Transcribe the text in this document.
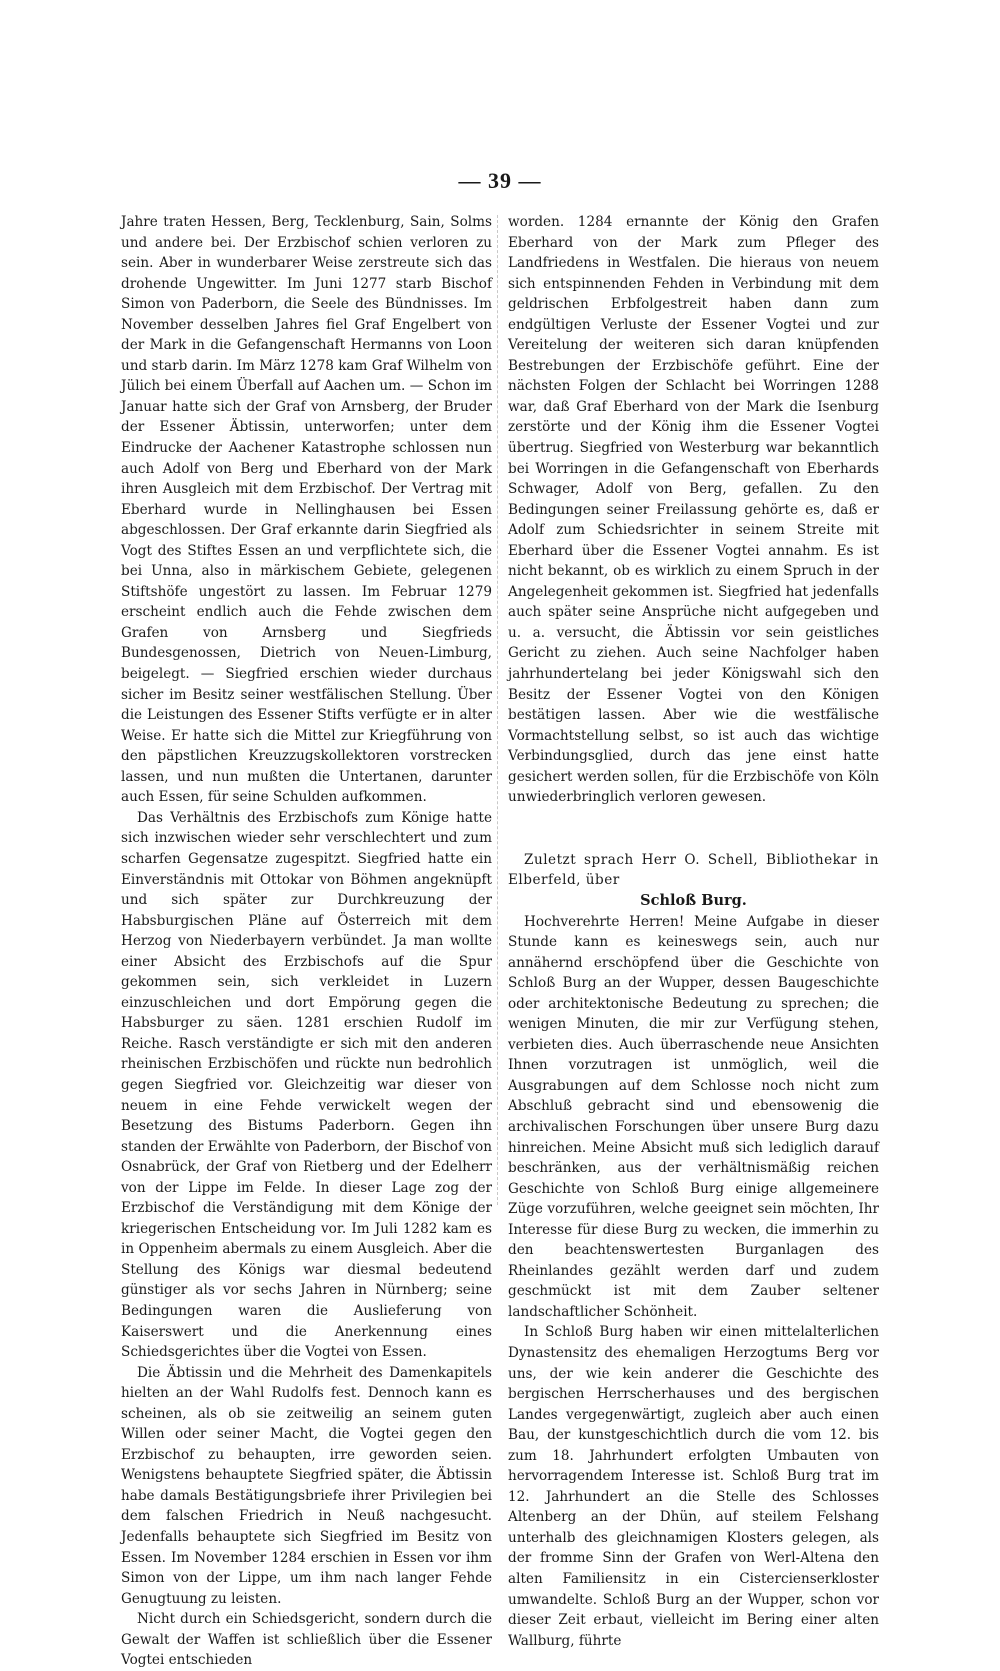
— 39 —

Jahre traten Hessen, Berg, Tecklenburg, Sain, Solms und andere bei. Der Erzbischof schien verloren zu sein. Aber in wunderbarer Weise zerstreute sich das drohende Ungewitter. Im Juni 1277 starb Bischof Simon von Paderborn, die Seele des Bündnisses. Im November desselben Jahres fiel Graf Engelbert von der Mark in die Gefangenschaft Hermanns von Loon und starb darin. Im März 1278 kam Graf Wilhelm von Jülich bei einem Überfall auf Aachen um. — Schon im Januar hatte sich der Graf von Arnsberg, der Bruder der Essener Äbtissin, unterworfen; unter dem Eindrucke der Aachener Katastrophe schlossen nun auch Adolf von Berg und Eberhard von der Mark ihren Ausgleich mit dem Erzbischof. Der Vertrag mit Eberhard wurde in Nellinghausen bei Essen abgeschlossen. Der Graf erkannte darin Siegfried als Vogt des Stiftes Essen an und verpflichtete sich, die bei Unna, also in märkischem Gebiete, gelegenen Stiftshöfe ungestört zu lassen. Im Februar 1279 erscheint endlich auch die Fehde zwischen dem Grafen von Arnsberg und Siegfrieds Bundesgenossen, Dietrich von Neuen-Limburg, beigelegt. — Siegfried erschien wieder durchaus sicher im Besitz seiner westfälischen Stellung. Über die Leistungen des Essener Stifts verfügte er in alter Weise. Er hatte sich die Mittel zur Kriegführung von den päpstlichen Kreuzzugskollektoren vorstrecken lassen, und nun mußten die Untertanen, darunter auch Essen, für seine Schulden aufkommen.

Das Verhältnis des Erzbischofs zum Könige hatte sich inzwischen wieder sehr verschlechtert und zum scharfen Gegensatze zugespitzt. Siegfried hatte ein Einverständnis mit Ottokar von Böhmen angeknüpft und sich später zur Durchkreuzung der Habsburgischen Pläne auf Österreich mit dem Herzog von Niederbayern verbündet. Ja man wollte einer Absicht des Erzbischofs auf die Spur gekommen sein, sich verkleidet in Luzern einzuschleichen und dort Empörung gegen die Habsburger zu säen. 1281 erschien Rudolf im Reiche. Rasch verständigte er sich mit den anderen rheinischen Erzbischöfen und rückte nun bedrohlich gegen Siegfried vor. Gleichzeitig war dieser von neuem in eine Fehde verwickelt wegen der Besetzung des Bistums Paderborn. Gegen ihn standen der Erwählte von Paderborn, der Bischof von Osnabrück, der Graf von Rietberg und der Edelherr von der Lippe im Felde. In dieser Lage zog der Erzbischof die Verständigung mit dem Könige der kriegerischen Entscheidung vor. Im Juli 1282 kam es in Oppenheim abermals zu einem Ausgleich. Aber die Stellung des Königs war diesmal bedeutend günstiger als vor sechs Jahren in Nürnberg; seine Bedingungen waren die Auslieferung von Kaiserswert und die Anerkennung eines Schiedsgerichtes über die Vogtei von Essen.

Die Äbtissin und die Mehrheit des Damenkapitels hielten an der Wahl Rudolfs fest. Dennoch kann es scheinen, als ob sie zeitweilig an seinem guten Willen oder seiner Macht, die Vogtei gegen den Erzbischof zu behaupten, irre geworden seien. Wenigstens behauptete Siegfried später, die Äbtissin habe damals Bestätigungsbriefe ihrer Privilegien bei dem falschen Friedrich in Neuß nachgesucht. Jedenfalls behauptete sich Siegfried im Besitz von Essen. Im November 1284 erschien in Essen vor ihm Simon von der Lippe, um ihm nach langer Fehde Genugtuung zu leisten.

Nicht durch ein Schiedsgericht, sondern durch die Gewalt der Waffen ist schließlich über die Essener Vogtei entschieden

worden. 1284 ernannte der König den Grafen Eberhard von der Mark zum Pfleger des Landfriedens in Westfalen. Die hieraus von neuem sich entspinnenden Fehden in Verbindung mit dem geldrischen Erbfolgestreit haben dann zum endgültigen Verluste der Essener Vogtei und zur Vereitelung der weiteren sich daran knüpfenden Bestrebungen der Erzbischöfe geführt. Eine der nächsten Folgen der Schlacht bei Worringen 1288 war, daß Graf Eberhard von der Mark die Isenburg zerstörte und der König ihm die Essener Vogtei übertrug. Siegfried von Westerburg war bekanntlich bei Worringen in die Gefangenschaft von Eberhards Schwager, Adolf von Berg, gefallen. Zu den Bedingungen seiner Freilassung gehörte es, daß er Adolf zum Schiedsrichter in seinem Streite mit Eberhard über die Essener Vogtei annahm. Es ist nicht bekannt, ob es wirklich zu einem Spruch in der Angelegenheit gekommen ist. Siegfried hat jedenfalls auch später seine Ansprüche nicht aufgegeben und u. a. versucht, die Äbtissin vor sein geistliches Gericht zu ziehen. Auch seine Nachfolger haben jahrhundertelang bei jeder Königswahl sich den Besitz der Essener Vogtei von den Königen bestätigen lassen. Aber wie die westfälische Vormachtstellung selbst, so ist auch das wichtige Verbindungsglied, durch das jene einst hatte gesichert werden sollen, für die Erzbischöfe von Köln unwiederbringlich verloren gewesen.

Zuletzt sprach Herr O. Schell, Bibliothekar in Elberfeld, über

Schloß Burg.

Hochverehrte Herren! Meine Aufgabe in dieser Stunde kann es keineswegs sein, auch nur annähernd erschöpfend über die Geschichte von Schloß Burg an der Wupper, dessen Baugeschichte oder architektonische Bedeutung zu sprechen; die wenigen Minuten, die mir zur Verfügung stehen, verbieten dies. Auch überraschende neue Ansichten Ihnen vorzutragen ist unmöglich, weil die Ausgrabungen auf dem Schlosse noch nicht zum Abschluß gebracht sind und ebensowenig die archivalischen Forschungen über unsere Burg dazu hinreichen. Meine Absicht muß sich lediglich darauf beschränken, aus der verhältnismäßig reichen Geschichte von Schloß Burg einige allgemeinere Züge vorzuführen, welche geeignet sein möchten, Ihr Interesse für diese Burg zu wecken, die immerhin zu den beachtenswertesten Burganlagen des Rheinlandes gezählt werden darf und zudem geschmückt ist mit dem Zauber seltener landschaftlicher Schönheit.

In Schloß Burg haben wir einen mittelalterlichen Dynastensitz des ehemaligen Herzogtums Berg vor uns, der wie kein anderer die Geschichte des bergischen Herrscherhauses und des bergischen Landes vergegenwärtigt, zugleich aber auch einen Bau, der kunstgeschichtlich durch die vom 12. bis zum 18. Jahrhundert erfolgten Umbauten von hervorragendem Interesse ist. Schloß Burg trat im 12. Jahrhundert an die Stelle des Schlosses Altenberg an der Dhün, auf steilem Felshang unterhalb des gleichnamigen Klosters gelegen, als der fromme Sinn der Grafen von Werl-Altena den alten Familiensitz in ein Cistercienserkloster umwandelte. Schloß Burg an der Wupper, schon vor dieser Zeit erbaut, vielleicht im Bering einer alten Wallburg, führte
